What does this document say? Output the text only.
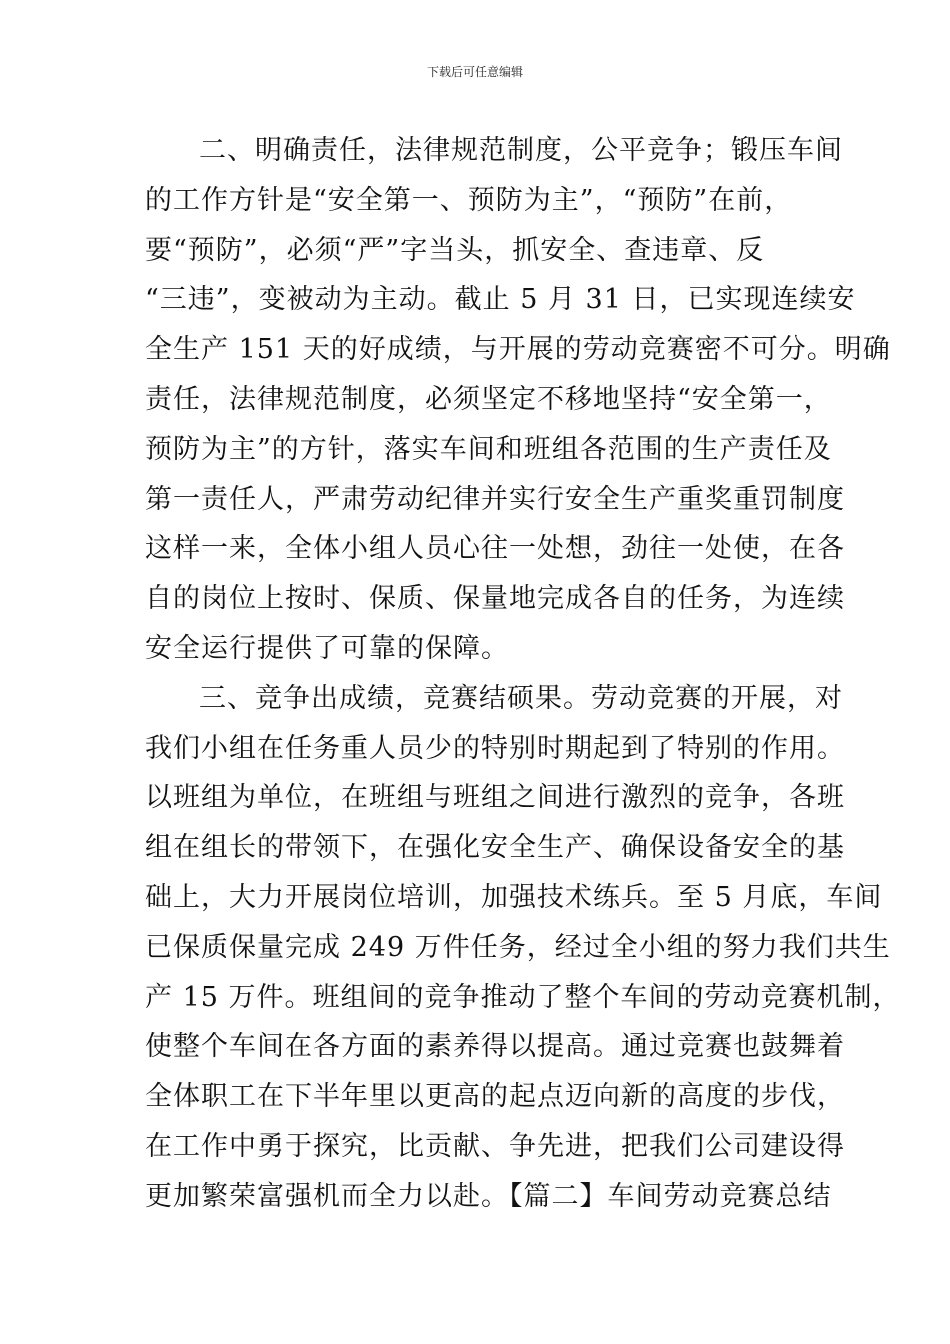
下载后可任意编辑
二、明确责任，法律规范制度，公平竞争；锻压车间
的工作方针是“安全第一、预防为主”，“预防”在前，
要“预防”，必须“严”字当头，抓安全、查违章、反
“三违”，变被动为主动。截止 5 月 31 日，已实现连续安
全生产 151 天的好成绩，与开展的劳动竞赛密不可分。明确
责任，法律规范制度，必须坚定不移地坚持“安全第一，
预防为主”的方针，落实车间和班组各范围的生产责任及
第一责任人，严肃劳动纪律并实行安全生产重奖重罚制度
这样一来，全体小组人员心往一处想，劲往一处使，在各
自的岗位上按时、保质、保量地完成各自的任务，为连续
安全运行提供了可靠的保障。
三、竞争出成绩，竞赛结硕果。劳动竞赛的开展，对
我们小组在任务重人员少的特别时期起到了特别的作用。
以班组为单位，在班组与班组之间进行激烈的竞争，各班
组在组长的带领下，在强化安全生产、确保设备安全的基
础上，大力开展岗位培训，加强技术练兵。至 5 月底，车间
已保质保量完成 249 万件任务，经过全小组的努力我们共生
产 15 万件。班组间的竞争推动了整个车间的劳动竞赛机制，
使整个车间在各方面的素养得以提高。通过竞赛也鼓舞着
全体职工在下半年里以更高的起点迈向新的高度的步伐，
在工作中勇于探究，比贡献、争先进，把我们公司建设得
更加繁荣富强机而全力以赴。【篇二】车间劳动竞赛总结
